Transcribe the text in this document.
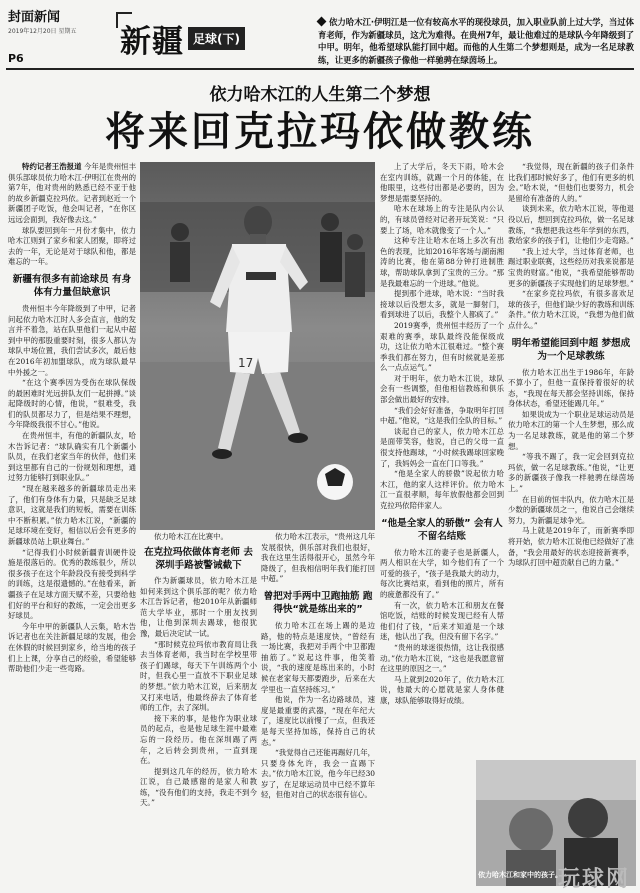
封面新闻
2019年12月20日 星期五
P6	新疆 足球(下)
依力哈木江·伊明江是一位有较高水平的现役球员，加入职业队前上过大学，当过体育老师，作为新疆球员，这尤为难得。在贵州7年，最让他难过的是球队今年降级到了中甲。明年，他希望球队能打回中超。而他的人生第二个梦想则是，成为一名足球教练，让更多的新疆孩子像他一样驰骋在绿茵场上。
依力哈木江的人生第二个梦想
将来回克拉玛依做教练

特约记者王浩报道 今年是贵州恒丰俱乐部球员依力哈木江·伊明江在贵州的第7年，他对贵州的熟悉已经不亚于他的故乡新疆克拉玛依。记者到赵近一个新疆团子吃饭，他会叫记者，“在你区远远会面到，我好像去这。”

球队要回到年一月份才集中，依力哈木江则到了家乡和家人团聚，即将过去的一年，无论是对于球队和他，都是难忘的一年。

新疆有很多有前途球员 有身体有力量但缺意识

贵州恒丰今年降级到了中甲，记者问起依力哈木江时人多会直言，他的发言并不着急，站在队里他们一起从中超到中甲的那股重要时刻，很多人都认为球队中场位置，我们尝试多次，最后他在2016年初加盟球队，成为球队最早中外援之一。

“在这个赛季因为受伤在球队保级的最困难时光远拼队友们一起拼搏。”谈起降级时的心情，他说，“很难受，我们的队员都尽力了，但是结果不理想，今年降级我很不甘心。”他说。

在贵州恒丰，有他的新疆队友，哈木告诉记者：“球队确实有几个新疆小队员，在我们老家当年的伙伴，他们来到这里都有自己的一份规划和理想，通过努力能够打到职业队。”

“现在越来越多的新疆球员走出来了，他们有身体有力量，只是缺乏足球意识，这就是我们的短板，需要在训练中不断积累。”依力哈木江说，“新疆的足球环境在变好，相信以后会有更多的新疆球员站上职业舞台。”

“记得我们小时候新疆青训硬件设施是很落后的。优秀的教练很少，所以很多孩子在这个年龄段没有接受到科学的训练，这是很遗憾的。”在他看来，新疆孩子在足球方面天赋不差，只要给他们好的平台和好的教练，一定会出更多好球员。

今年中甲的新疆队人云集，哈木告诉记者也在关注新疆足球的发展，他会在休假的时候回到家乡，给当地的孩子们上上课，分享自己的经验，希望能够帮助他们少走一些弯路。

17

依力哈木江在比赛中。

在克拉玛依做体育老师 去深圳手路被警诫截下

作为新疆球员，依力哈木江是如何来到这个俱乐部的呢？依力哈木江告诉记者，他2010年从新疆师范大学毕业，那时一个朋友找到他，让他到深圳去踢球，他很犹豫，最后决定试一试。

“那时候克拉玛依市教育局让我去当体育老师，我当时在学校里带孩子们踢球，每天下午训练两个小时，但我心里一直放不下职业足球的梦想。”依力哈木江说，后来朋友又打来电话，他最终辞去了体育老师的工作，去了深圳。

接下来的事，是他作为职业球员的起点，也是他足球生涯中最难忘的一段经历。他在深圳踢了两年，之后转会到贵州，一直到现在。

提到这几年的经历，依力哈木江说，自己最感谢的是家人和教练，“没有他们的支持，我走不到今天。”

依力哈木江表示，“贵州这几年发展很快，俱乐部对我们也很好，我在这里生活得很开心，虽然今年降级了，但我相信明年我们能打回中超。”

曾把对手两中卫跑抽筋 跑得快“就是练出来的”

依力哈木江在场上踢的是边路，他的特点是速度快，“曾经有一场比赛，我把对手两个中卫都跑抽筋了。”说起这件事，他笑着说，“我的速度是练出来的，小时候在老家每天都要跑步，后来在大学里也一直坚持练习。”

他说，作为一名边路球员，速度是最重要的武器，“现在年纪大了，速度比以前慢了一点，但我还是每天坚持加练，保持自己的状态。”

“我觉得自己还能再踢好几年，只要身体允许，我会一直踢下去。”依力哈木江说，他今年已经30岁了，在足球运动员中已经不算年轻，但他对自己的状态很有信心。

上了大学后，冬天下雨，哈木会在室内训练，就踢一个月的体能，在他眼里，这些付出都是必要的，因为梦想是需要坚持的。

哈木在球场上的专注是队内公认的，有球员曾经对记者开玩笑说：“只要上了场，哈木就像变了一个人。”

这种专注让哈木在场上多次有出色的表现，比如2016年客场与湖南湘涛的比赛，他在第88分钟打进制胜球，帮助球队拿到了宝贵的三分。“那是我最难忘的一个进球。”他说。

提到那个进球，哈木说：“当时我接球以后没想太多，就是一脚射门，看到球进了以后，我整个人都疯了。”

2019赛季，贵州恒丰经历了一个艰难的赛季，球队最终没能保级成功，这让依力哈木江很难过。“整个赛季我们都在努力，但有时候就是差那么一点点运气。”

对于明年，依力哈木江说，球队会有一些调整，但他相信教练和俱乐部会做出最好的安排。

“我们会好好准备，争取明年打回中超。”他说，“这是我们全队的目标。”

谈起自己的家人，依力哈木江总是面带笑容，他说，自己的父母一直很支持他踢球，“小时候我踢球回家晚了，我妈妈会一直在门口等我。”

“他是全家人的骄傲”说起依力哈木江，他的家人这样评价。依力哈木江一直很孝顺，每年放假他都会回到克拉玛依陪伴家人。

“他是全家人的骄傲” 会有人不留名结账

依力哈木江的妻子也是新疆人，两人相识在大学，如今他们有了一个可爱的孩子，“孩子是我最大的动力，每次比赛结束，看到他的照片，所有的疲惫都没有了。”

有一次，依力哈木江和朋友在餐馆吃饭，结账的时候发现已经有人帮他们付了钱，“后来才知道是一个球迷，他认出了我，但没有留下名字。”

“贵州的球迷很热情，这让我很感动。”依力哈木江说，“这也是我愿意留在这里的原因之一。”

马上就到2020年了，依力哈木江说，他最大的心愿就是家人身体健康，球队能够取得好成绩。

“我觉得，现在新疆的孩子们条件比我们那时候好多了，他们有更多的机会。”哈木说，“但他们也要努力，机会是留给有准备的人的。”

谈到未来，依力哈木江说，等他退役以后，想回到克拉玛依，做一名足球教练，“我想把我这些年学到的东西，教给家乡的孩子们，让他们少走弯路。”

“我上过大学，当过体育老师，也踢过职业联赛，这些经历对我来说都是宝贵的财富。”他说，“我希望能够帮助更多的新疆孩子实现他们的足球梦想。”

“在家乡克拉玛依，有很多喜欢足球的孩子，但他们缺少好的教练和训练条件。”依力哈木江说，“我想为他们做点什么。”

明年希望能回到中超 梦想成为一个足球教练

依力哈木江出生于1986年，年龄不算小了，但他一直保持着很好的状态，“我现在每天都会坚持训练，保持身体状态，希望还能踢几年。”

如果说成为一个职业足球运动员是依力哈木江的第一个人生梦想，那么成为一名足球教练，就是他的第二个梦想。

“等我不踢了，我一定会回到克拉玛依，做一名足球教练。”他说，“让更多的新疆孩子像我一样驰骋在绿茵场上。”

在目前的恒丰队内，依力哈木江是少数的新疆球员之一，他说自己会继续努力，为新疆足球争光。

马上就是2019年了，而新赛季即将开始，依力哈木江说他已经做好了准备，“我会用最好的状态迎接新赛季，为球队打回中超贡献自己的力量。”

依力哈木江和家中的孩子。
玩球网
